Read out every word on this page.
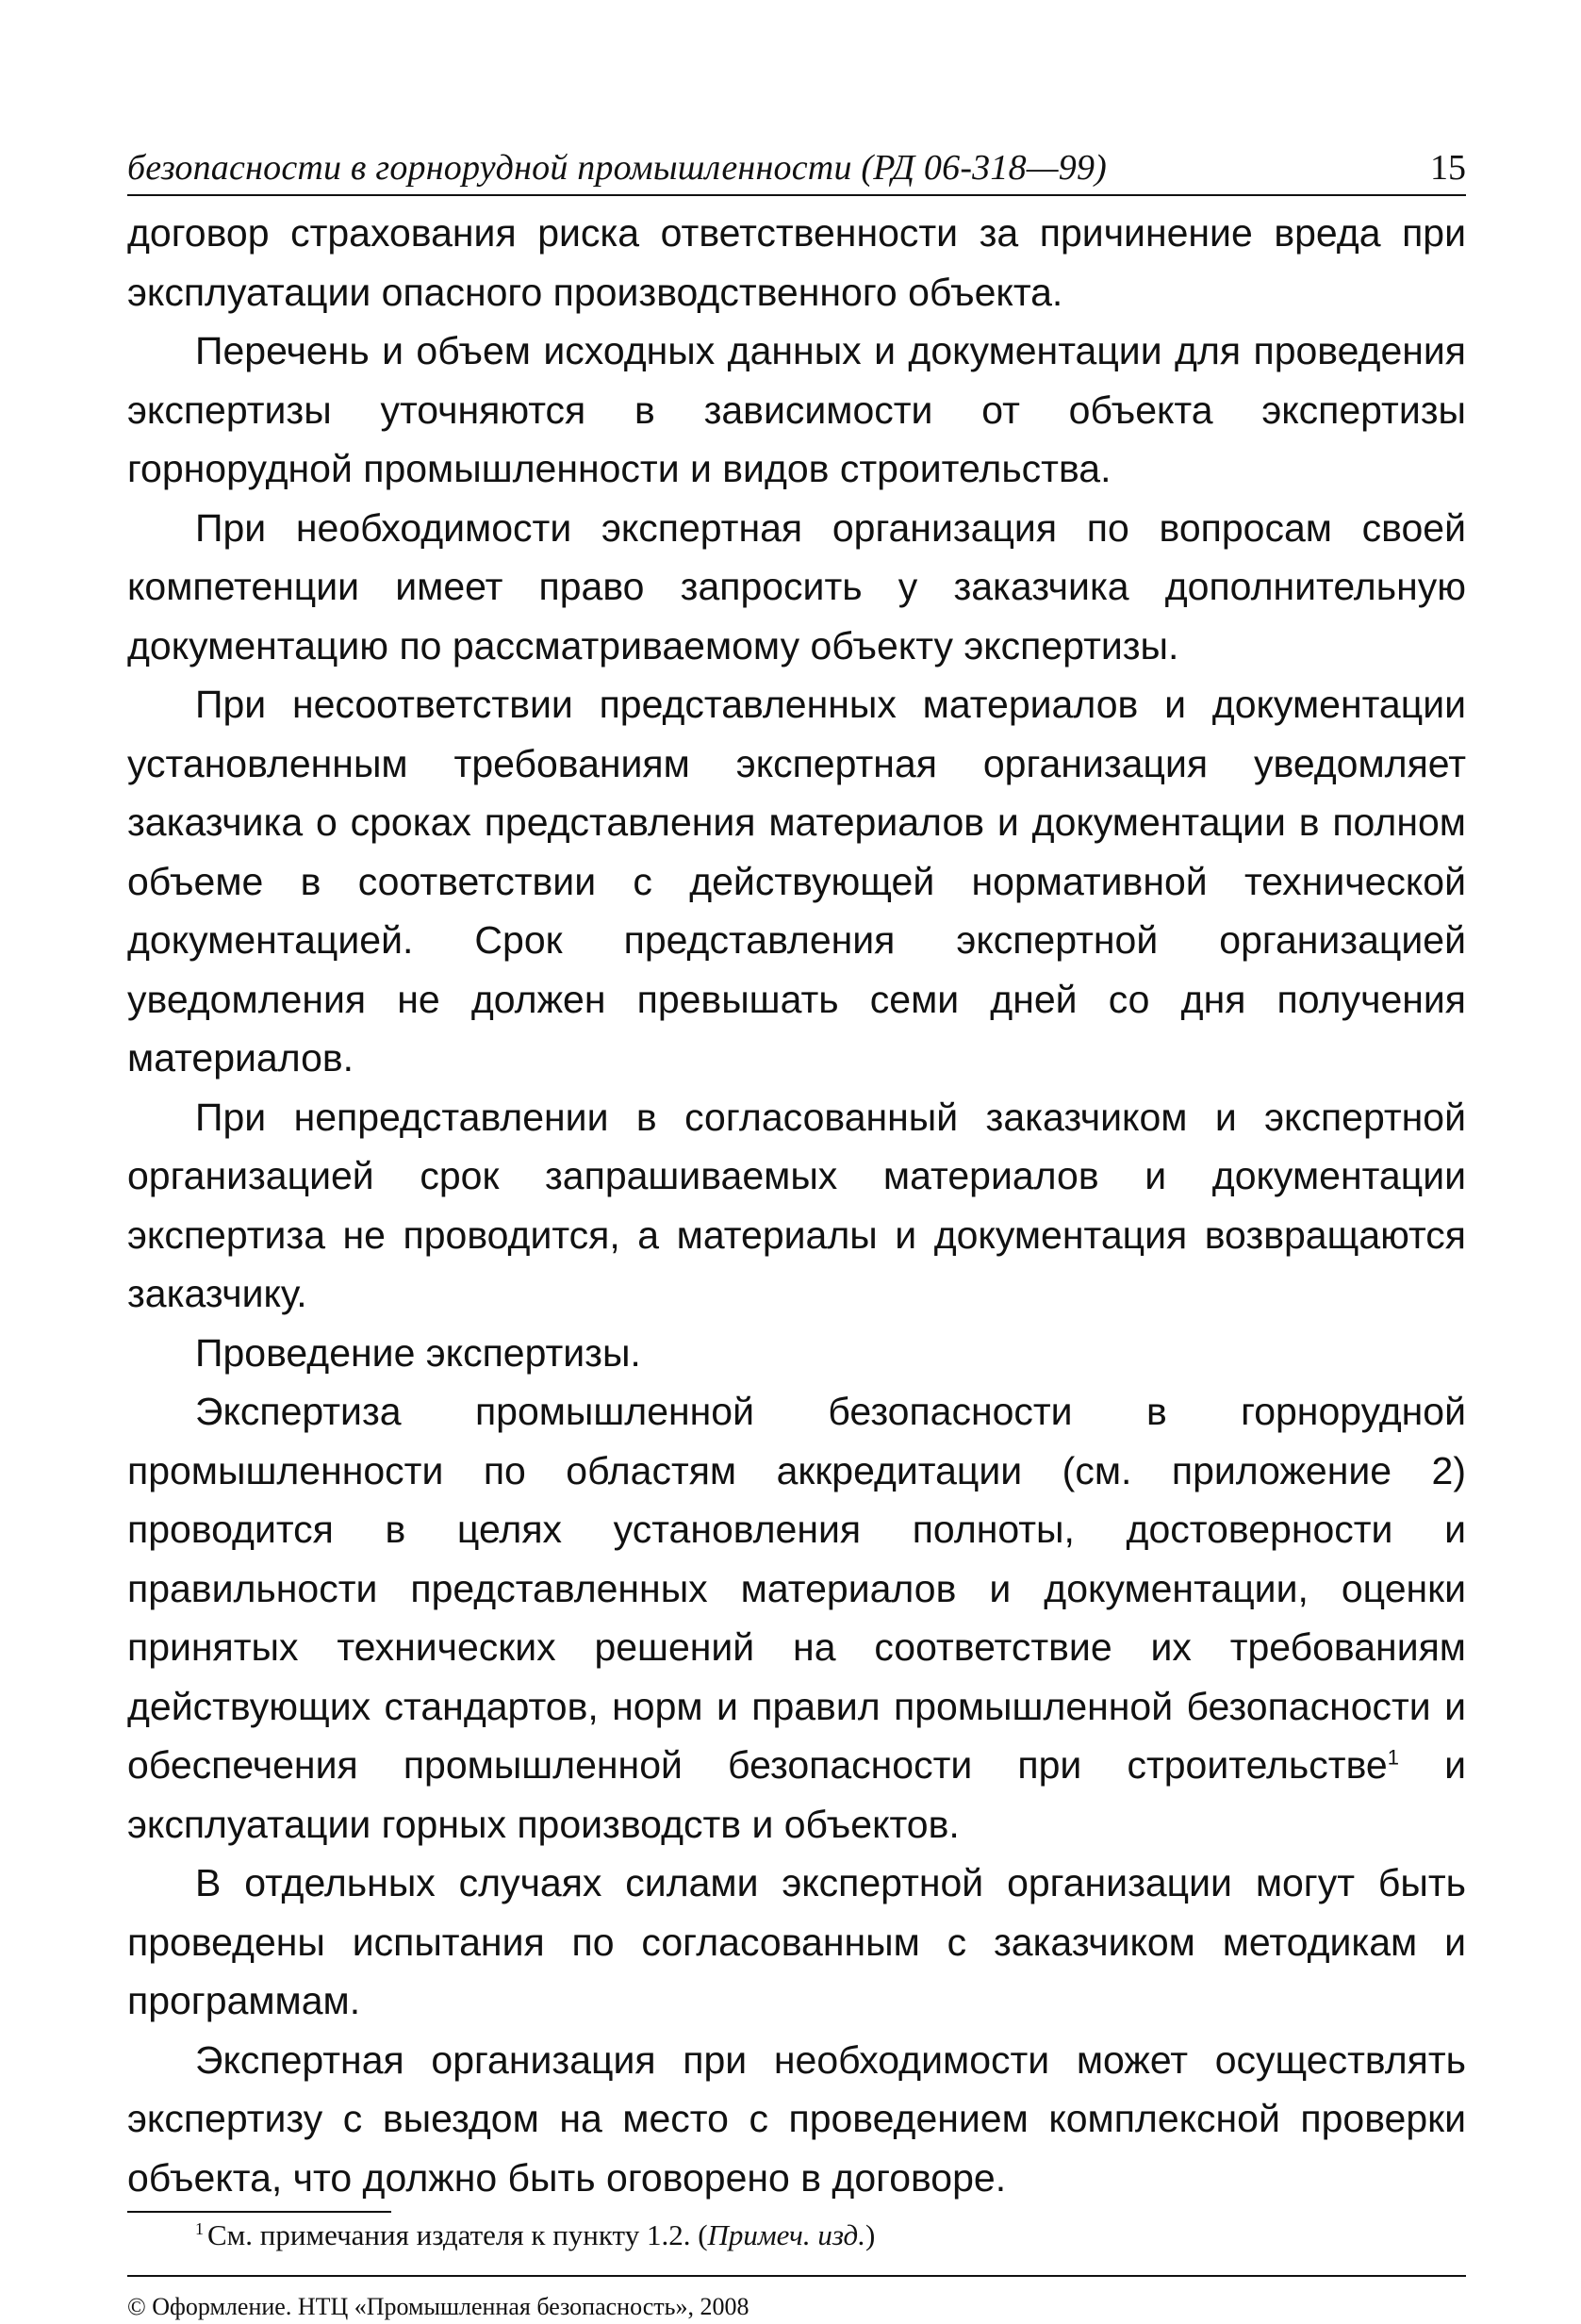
безопасности в горнорудной промышленности (РД 06-318—99)	15

договор страхования риска ответственности за причинение вреда при эксплуатации опасного производственного объекта.

Перечень и объем исходных данных и документации для проведения экспертизы уточняются в зависимости от объекта экспертизы горнорудной промышленности и видов строительства.

При необходимости экспертная организация по вопросам своей компетенции имеет право запросить у заказчика дополнительную документацию по рассматриваемому объекту экспертизы.

При несоответствии представленных материалов и документации установленным требованиям экспертная организация уведомляет заказчика о сроках представления материалов и документации в полном объеме в соответствии с действующей нормативной технической документацией. Срок представления экспертной организацией уведомления не должен превышать семи дней со дня получения материалов.

При непредставлении в согласованный заказчиком и экспертной организацией срок запрашиваемых материалов и документации экспертиза не проводится, а материалы и документация возвращаются заказчику.

Проведение экспертизы.

Экспертиза промышленной безопасности в горнорудной промышленности по областям аккредитации (см. приложение 2) проводится в целях установления полноты, достоверности и правильности представленных материалов и документации, оценки принятых технических решений на соответствие их требованиям действующих стандартов, норм и правил промышленной безопасности и обеспечения промышленной безопасности при строительстве$^1$ и эксплуатации горных производств и объектов.

В отдельных случаях силами экспертной организации могут быть проведены испытания по согласованным с заказчиком методикам и программам.

Экспертная организация при необходимости может осуществлять экспертизу с выездом на место с проведением комплексной проверки объекта, что должно быть оговорено в договоре.

$^1$ См. примечания издателя к пункту 1.2. (Примеч. изд.)
© Оформление. НТЦ «Промышленная безопасность», 2008
